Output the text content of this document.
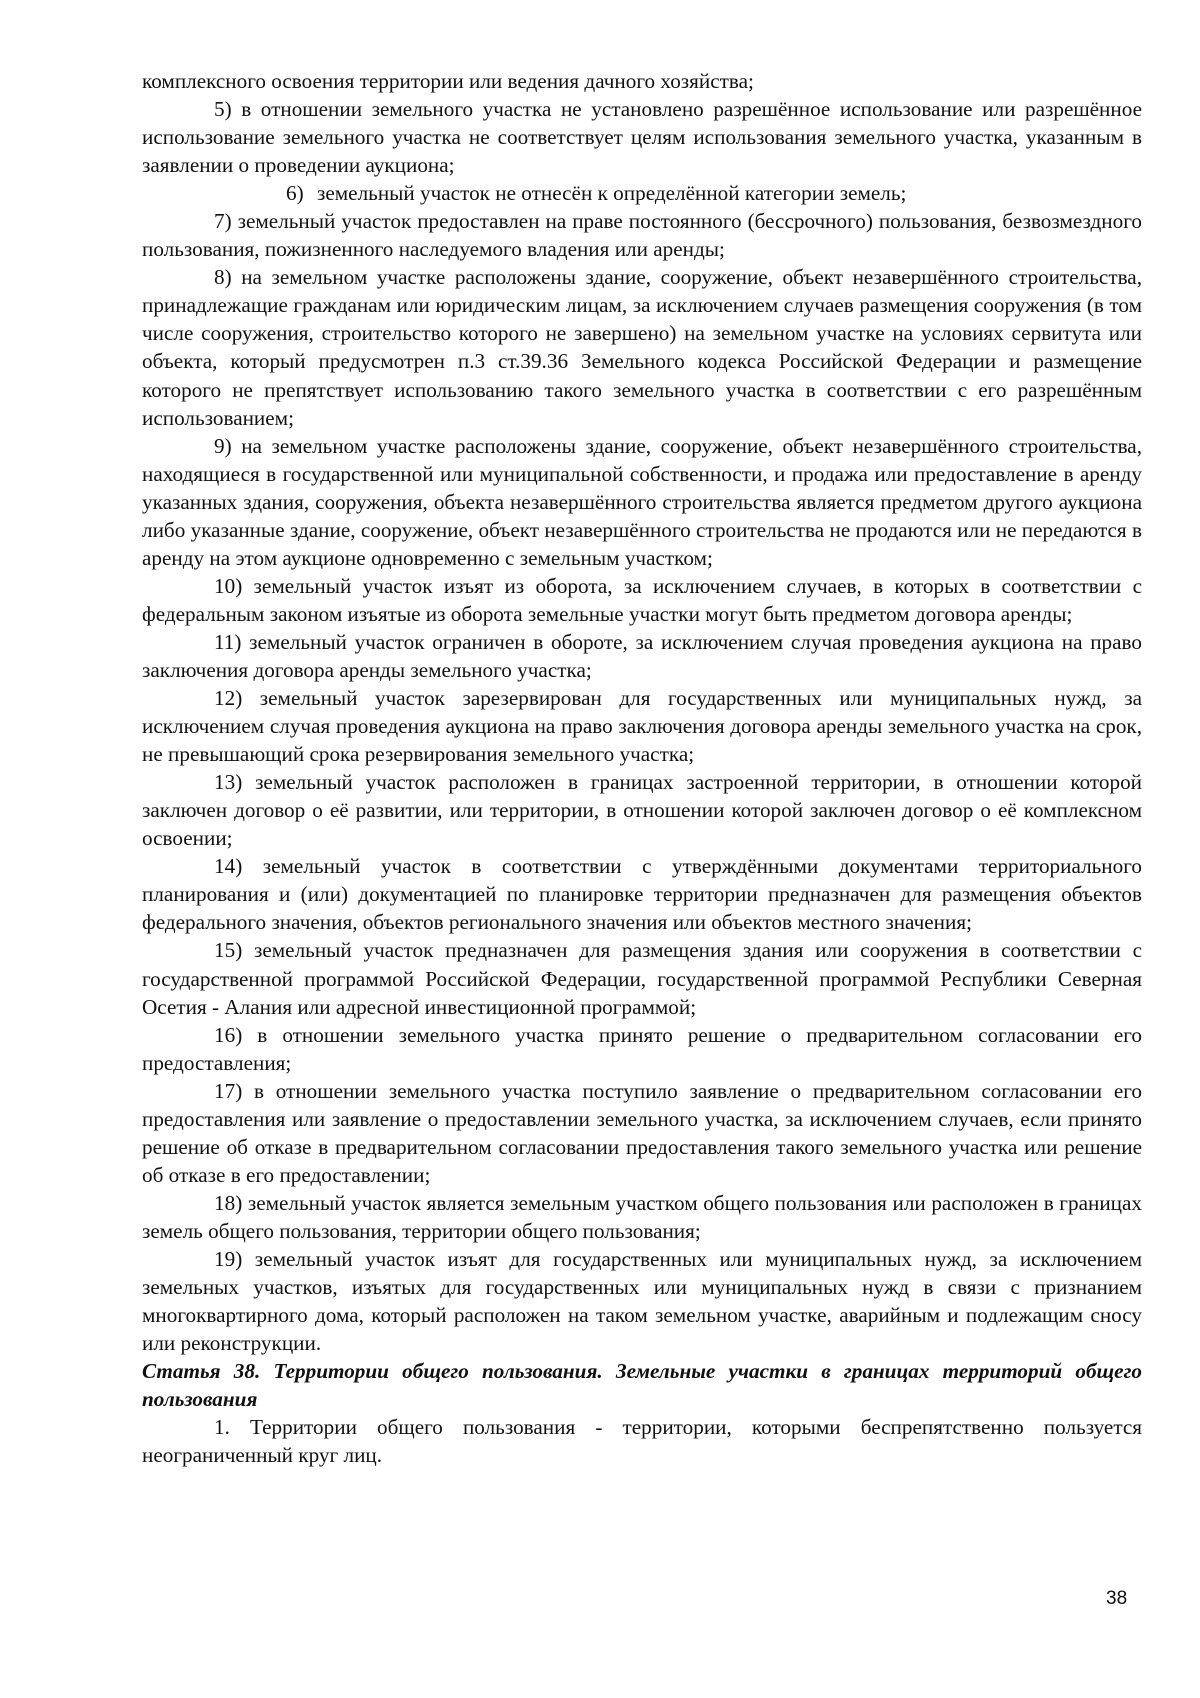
комплексного освоения территории или ведения дачного хозяйства;

5) в отношении земельного участка не установлено разрешённое использование или разрешённое использование земельного участка не соответствует целям использования земельного участка, указанным в заявлении о проведении аукциона;

6) земельный участок не отнесён к определённой категории земель;

7) земельный участок предоставлен на праве постоянного (бессрочного) пользования, безвозмездного пользования, пожизненного наследуемого владения или аренды;

8) на земельном участке расположены здание, сооружение, объект незавершённого строительства, принадлежащие гражданам или юридическим лицам, за исключением случаев размещения сооружения (в том числе сооружения, строительство которого не завершено) на земельном участке на условиях сервитута или объекта, который предусмотрен п.3 ст.39.36 Земельного кодекса Российской Федерации и размещение которого не препятствует использованию такого земельного участка в соответствии с его разрешённым использованием;

9) на земельном участке расположены здание, сооружение, объект незавершённого строительства, находящиеся в государственной или муниципальной собственности, и продажа или предоставление в аренду указанных здания, сооружения, объекта незавершённого строительства является предметом другого аукциона либо указанные здание, сооружение, объект незавершённого строительства не продаются или не передаются в аренду на этом аукционе одновременно с земельным участком;

10) земельный участок изъят из оборота, за исключением случаев, в которых в соответствии с федеральным законом изъятые из оборота земельные участки могут быть предметом договора аренды;

11) земельный участок ограничен в обороте, за исключением случая проведения аукциона на право заключения договора аренды земельного участка;

12) земельный участок зарезервирован для государственных или муниципальных нужд, за исключением случая проведения аукциона на право заключения договора аренды земельного участка на срок, не превышающий срока резервирования земельного участка;

13) земельный участок расположен в границах застроенной территории, в отношении которой заключен договор о её развитии, или территории, в отношении которой заключен договор о её комплексном освоении;

14) земельный участок в соответствии с утверждёнными документами территориального планирования и (или) документацией по планировке территории предназначен для размещения объектов федерального значения, объектов регионального значения или объектов местного значения;

15) земельный участок предназначен для размещения здания или сооружения в соответствии с государственной программой Российской Федерации, государственной программой Республики Северная Осетия - Алания или адресной инвестиционной программой;

16) в отношении земельного участка принято решение о предварительном согласовании его предоставления;

17) в отношении земельного участка поступило заявление о предварительном согласовании его предоставления или заявление о предоставлении земельного участка, за исключением случаев, если принято решение об отказе в предварительном согласовании предоставления такого земельного участка или решение об отказе в его предоставлении;

18) земельный участок является земельным участком общего пользования или расположен в границах земель общего пользования, территории общего пользования;

19) земельный участок изъят для государственных или муниципальных нужд, за исключением земельных участков, изъятых для государственных или муниципальных нужд в связи с признанием многоквартирного дома, который расположен на таком земельном участке, аварийным и подлежащим сносу или реконструкции.

Статья 38. Территории общего пользования. Земельные участки в границах территорий общего пользования

1. Территории общего пользования - территории, которыми беспрепятственно пользуется неограниченный круг лиц.

38
